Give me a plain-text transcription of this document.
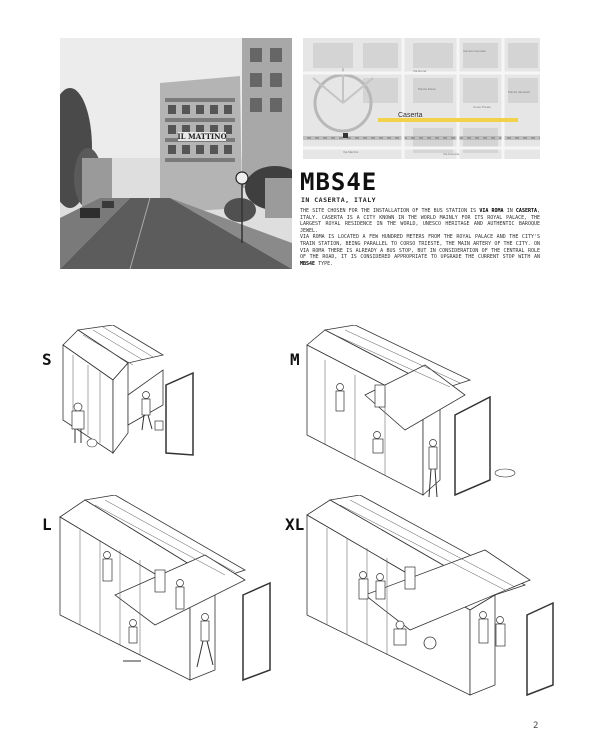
IL MATTINO
Caserta
Via Roma
Via San Gennaro
Piazza Dante
Via Mazzini
Corso Trieste
Via Ferrovia
Piazza Vanvitelli
MBS4E
IN CASERTA, ITALY

THE SITE CHOSEN FOR THE INSTALLATION OF THE BUS STATION IS VIA ROMA IN CASERTA, ITALY. CASERTA IS A CITY KNOWN IN THE WORLD MAINLY FOR ITS ROYAL PALACE, THE LARGEST ROYAL RESIDENCE IN THE WORLD, UNESCO HERITAGE AND AUTHENTIC BAROQUE JEWEL.

VIA ROMA IS LOCATED A FEW HUNDRED METERS FROM THE ROYAL PALACE AND THE CITY'S TRAIN STATION, BEING PARALLEL TO CORSO TRIESTE, THE MAIN ARTERY OF THE CITY. ON VIA ROMA THERE IS ALREADY A BUS STOP, BUT IN CONSIDERATION OF THE CENTRAL ROLE OF THE ROAD, IT IS CONSIDERED APPROPRIATE TO UPGRADE THE CURRENT STOP WITH AN MBS4E TYPE.

S	M
L	XL
2
